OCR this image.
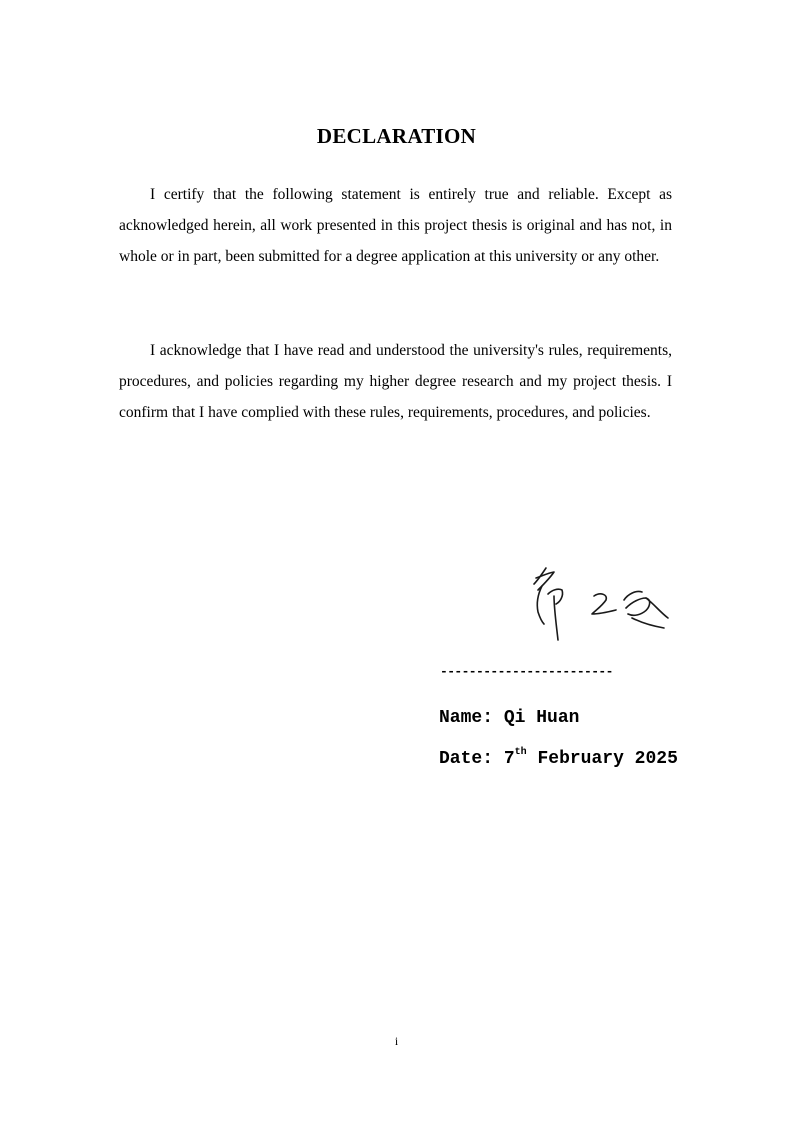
DECLARATION

I certify that the following statement is entirely true and reliable. Except as acknowledged herein, all work presented in this project thesis is original and has not, in whole or in part, been submitted for a degree application at this university or any other.

I acknowledge that I have read and understood the university's rules, requirements, procedures, and policies regarding my higher degree research and my project thesis. I confirm that I have complied with these rules, requirements, procedures, and policies.

------------------------
Name: Qi Huan
Date: 7th February 2025
i
